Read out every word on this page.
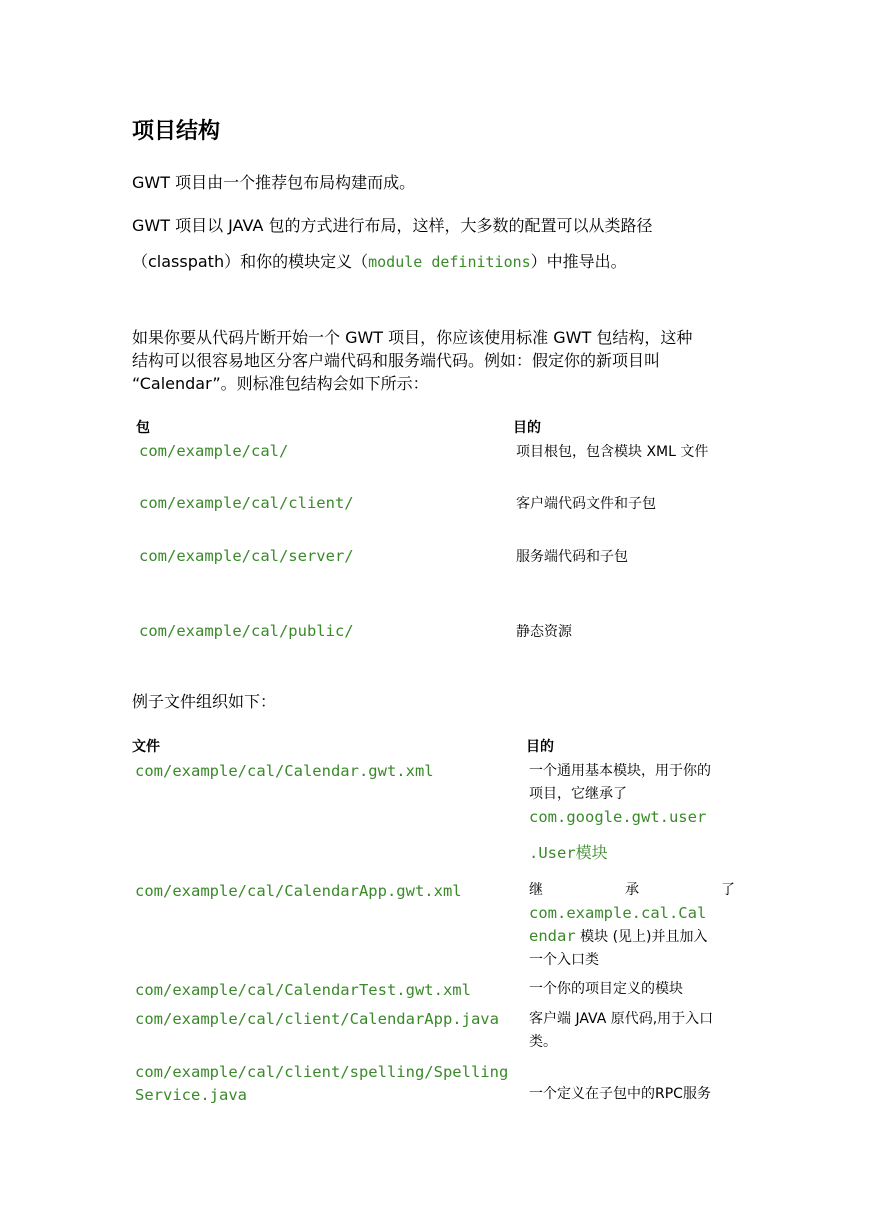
项目结构
GWT 项目由一个推荐包布局构建而成。
GWT 项目以 JAVA 包的方式进行布局，这样，大多数的配置可以从类路径
（classpath）和你的模块定义（module definitions）中推导出。
如果你要从代码片断开始一个 GWT 项目，你应该使用标准 GWT 包结构，这种
结构可以很容易地区分客户端代码和服务端代码。例如：假定你的新项目叫
“Calendar”。则标准包结构会如下所示：
包	目的
com/example/cal/	项目根包，包含模块 XML 文件
com/example/cal/client/	客户端代码文件和子包
com/example/cal/server/	服务端代码和子包
com/example/cal/public/	静态资源
例子文件组织如下：
文件	目的
com/example/cal/Calendar.gwt.xml	一个通用基本模块，用于你的
项目，它继承了
com.google.gwt.user
.User模块
com/example/cal/CalendarApp.gwt.xml	继	承	了
com.example.cal.Cal
endar 模块 (见上)并且加入
一个入口类
com/example/cal/CalendarTest.gwt.xml	一个你的项目定义的模块
com/example/cal/client/CalendarApp.java	客户端 JAVA 原代码,用于入口类。
com/example/cal/client/spelling/SpellingService.java	一个定义在子包中的RPC服务
